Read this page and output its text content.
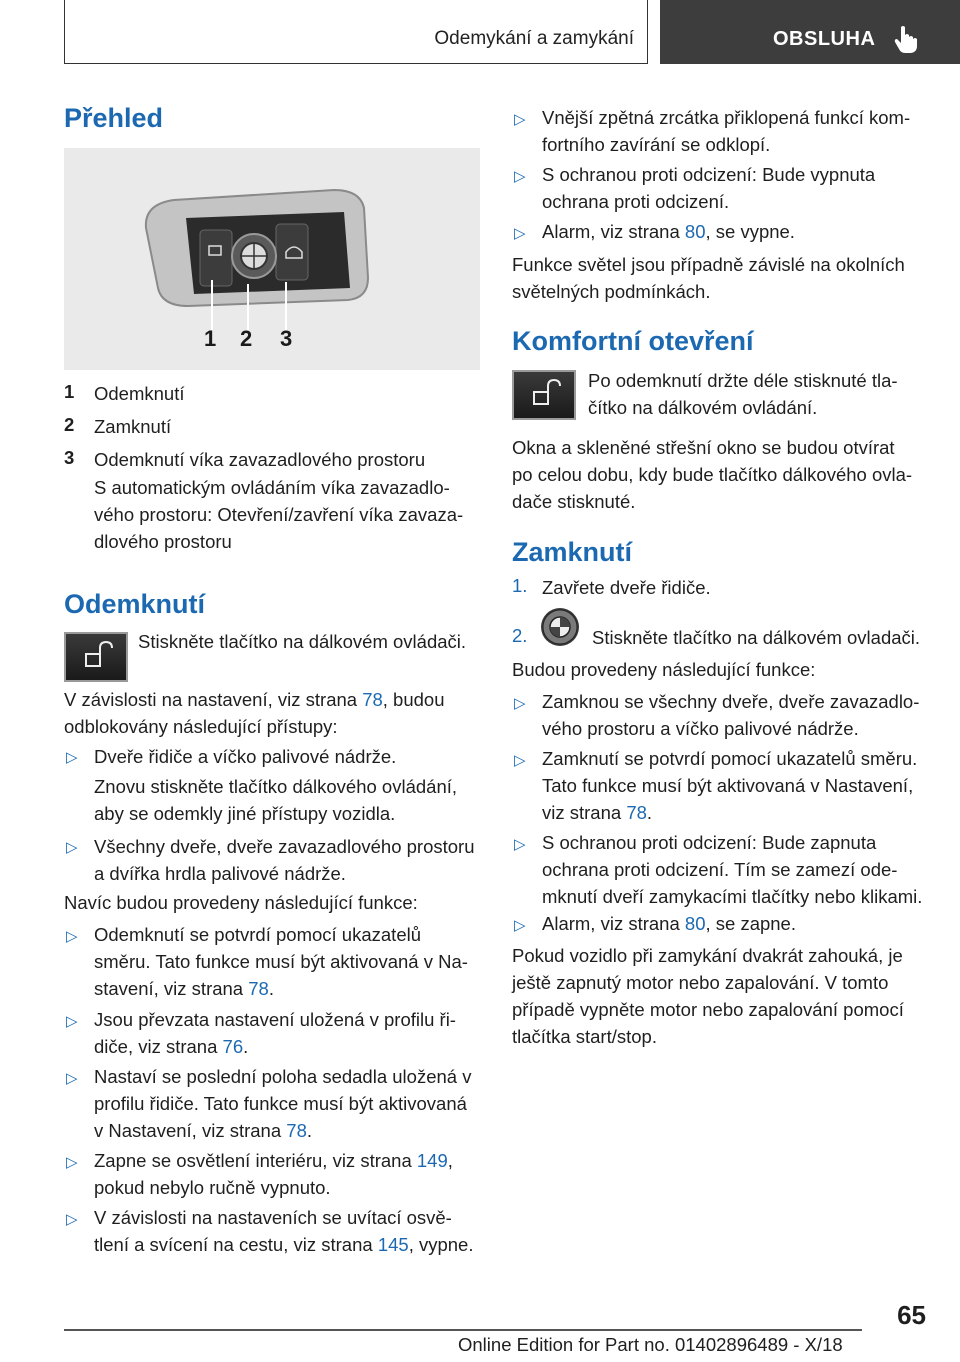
Odemykání a zamykání	OBSLUHA
Přehled
1 2 3
1 Odemknutí

2 Zamknutí

3 Odemknutí víka zavazadlového prostoru

S automatickým ovládáním víka zavazadlo-
vého prostoru: Otevření/zavření víka zavaza-
dlového prostoru

Odemknutí

Stiskněte tlačítko na dálkovém ovládači.

V závislosti na nastavení, viz strana 78, budou
odblokovány následující přístupy:

▷ Dveře řidiče a víčko palivové nádrže.

Znovu stiskněte tlačítko dálkového ovládání,
aby se odemkly jiné přístupy vozidla.

▷ Všechny dveře, dveře zavazadlového prostoru
a dvířka hrdla palivové nádrže.

Navíc budou provedeny následující funkce:

▷ Odemknutí se potvrdí pomocí ukazatelů
směru. Tato funkce musí být aktivovaná v Na-
stavení, viz strana 78.

▷ Jsou převzata nastavení uložená v profilu ři-
diče, viz strana 76.

▷ Nastaví se poslední poloha sedadla uložená v
profilu řidiče. Tato funkce musí být aktivovaná
v Nastavení, viz strana 78.

▷ Zapne se osvětlení interiéru, viz strana 149,
pokud nebylo ručně vypnuto.

▷ V závislosti na nastaveních se uvítací osvě-
tlení a svícení na cestu, viz strana 145, vypne.

▷ Vnější zpětná zrcátka přiklopená funkcí kom-
fortního zavírání se odklopí.

▷ S ochranou proti odcizení: Bude vypnuta
ochrana proti odcizení.

▷ Alarm, viz strana 80, se vypne.

Funkce světel jsou případně závislé na okolních
světelných podmínkách.

Komfortní otevření

Po odemknutí držte déle stisknuté tla-
čítko na dálkovém ovládání.

Okna a skleněné střešní okno se budou otvírat
po celou dobu, kdy bude tlačítko dálkového ovla-
dače stisknuté.

Zamknutí
1. Zavřete dveře řidiče.

2.	Stiskněte tlačítko na dálkovém ovladači.

Budou provedeny následující funkce:

▷ Zamknou se všechny dveře, dveře zavazadlo-
vého prostoru a víčko palivové nádrže.

▷ Zamknutí se potvrdí pomocí ukazatelů směru.
Tato funkce musí být aktivovaná v Nastavení,
viz strana 78.

▷ S ochranou proti odcizení: Bude zapnuta
ochrana proti odcizení. Tím se zamezí ode-
mknutí dveří zamykacími tlačítky nebo klikami.

▷ Alarm, viz strana 80, se zapne.

Pokud vozidlo při zamykání dvakrát zahouká, je
ještě zapnutý motor nebo zapalování. V tomto
případě vypněte motor nebo zapalování pomocí
tlačítka start/stop.

65
Online Edition for Part no. 01402896489 - X/18
